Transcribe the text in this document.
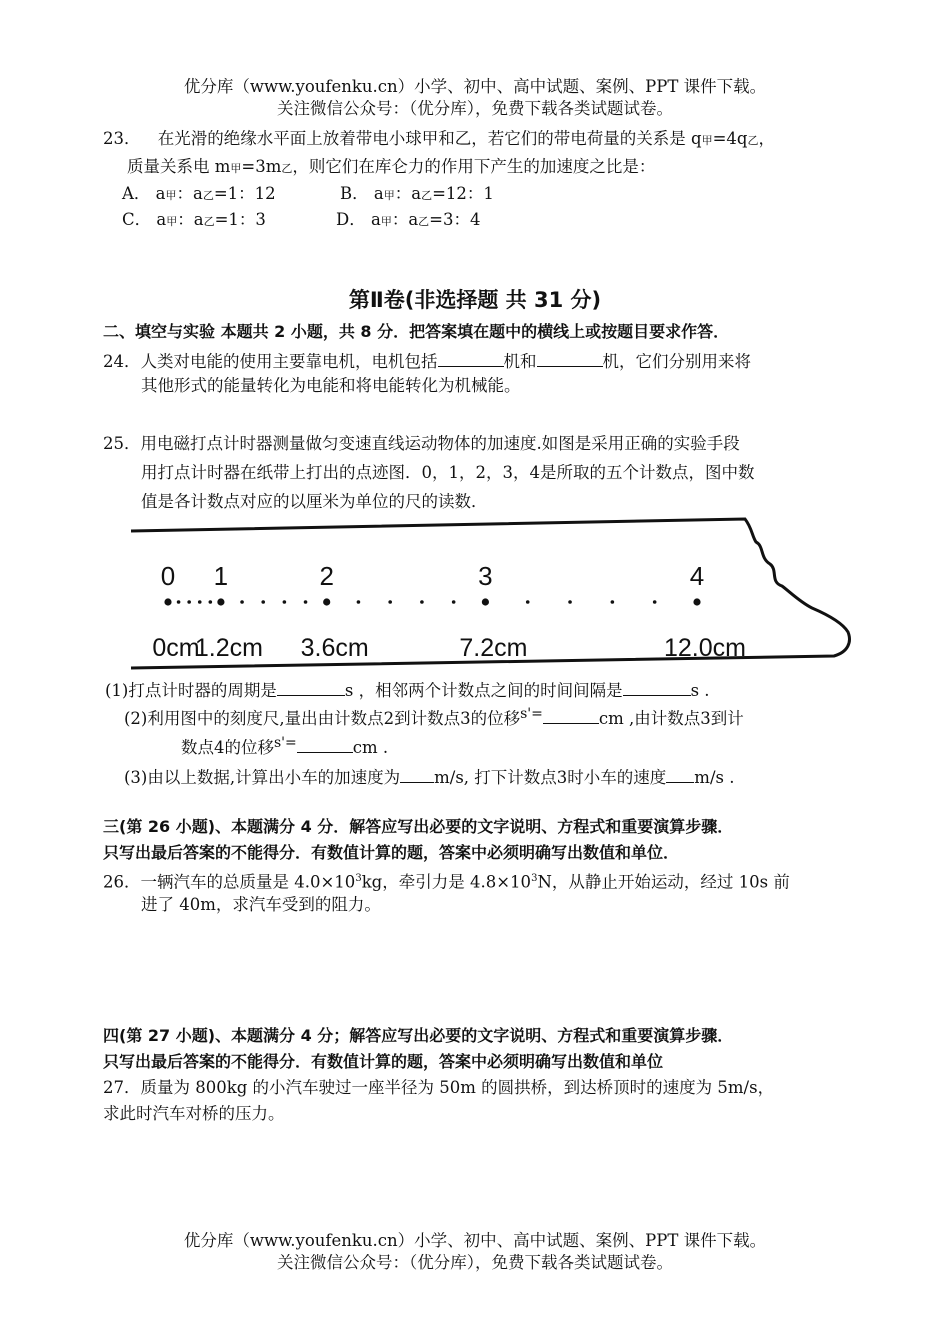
优分库（www.youfenku.cn）小学、初中、高中试题、案例、PPT 课件下载。
关注微信公众号：（优分库），免费下载各类试题试卷。
23． 在光滑的绝缘水平面上放着带电小球甲和乙，若它们的带电荷量的关系是 q甲=4q乙，
质量关系电 m甲=3m乙，则它们在库仑力的作用下产生的加速度之比是：
A． a甲：a乙=1：12	B． a甲：a乙=12：1
C． a甲：a乙=1：3	D． a甲：a乙=3：4
第Ⅱ卷(非选择题 共 31 分)
二、填空与实验 本题共 2 小题，共 8 分．把答案填在题中的横线上或按题目要求作答．
24．人类对电能的使用主要靠电机，电机包括	机和	机，它们分别用来将
其他形式的能量转化为电能和将电能转化为机械能。
25．用电磁打点计时器测量做匀变速直线运动物体的加速度.如图是采用正确的实验手段
用打点计时器在纸带上打出的点迹图．0，1，2，3，4是所取的五个计数点，图中数
值是各计数点对应的以厘米为单位的尺的读数．
0
0cm
1
1.2cm
2
3.6cm
3
7.2cm
4
12.0cm
(1)打点计时器的周期是	s ，相邻两个计数点之间的时间间隔是	s .
(2)利用图中的刻度尺,量出由计数点2到计数点3的位移$^{s'=}$	cm ,由计数点3到计
数点4的位移$^{s'=}$	cm .
(3)由以上数据,计算出小车的加速度为 m/s, 打下计数点3时小车的速度 m/s .
三(第 26 小题)、本题满分 4 分．解答应写出必要的文字说明、方程式和重要演算步骤．
只写出最后答案的不能得分．有数值计算的题，答案中必须明确写出数值和单位．
26．一辆汽车的总质量是 $4.0\times 10^3kg$，牵引力是 $4.8\times 10^3N$，从静止开始运动，经过 10s 前
进了 40m，求汽车受到的阻力。
四(第 27 小题)、本题满分 4 分；解答应写出必要的文字说明、方程式和重要演算步骤．
只写出最后答案的不能得分．有数值计算的题，答案中必须明确写出数值和单位
27．质量为 800kg 的小汽车驶过一座半径为 50m 的圆拱桥，到达桥顶时的速度为 5m/s，
求此时汽车对桥的压力。
优分库（www.youfenku.cn）小学、初中、高中试题、案例、PPT 课件下载。
关注微信公众号：（优分库），免费下载各类试题试卷。
